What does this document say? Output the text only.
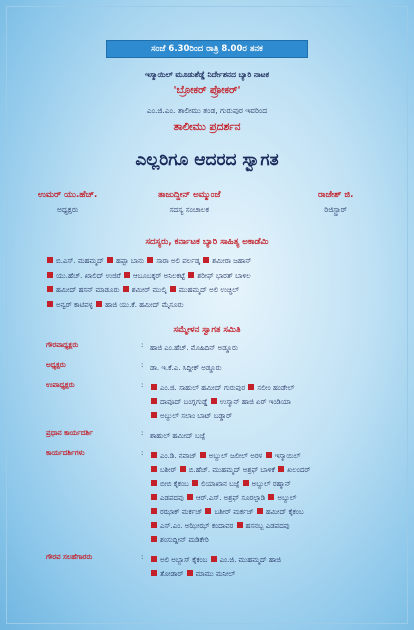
ಸಂಜೆ 6.30ರಿಂದ ರಾತ್ರಿ 8.00ರ ತನಕ
ಇಸ್ಮಾಯಿಲ್ ಮೂಡುಶೆಡ್ಡೆ ನಿರ್ದೇಶನದ ಬ್ಯಾರಿ ನಾಟಕ
'ಬ್ರೋಕರ್ ಪ್ರೋಕರ್'
ಎಂ.ಜಿ.ಎಂ. ತಾಲೀಮು ತಂಡ, ಗುರುಪುರ ಇವರಿಂದ
ತಾಲೀಮು ಪ್ರದರ್ಶನ
ಎಲ್ಲರಿಗೂ ಆದರದ ಸ್ವಾಗತ
ಉಮರ್ ಯು.ಹೆಚ್.
ಅಧ್ಯಕ್ಷರು
ತಾಜುದ್ದೀನ್ ಅಮ್ಮುಂಜೆ
ಸದಸ್ಯ ಸಂಚಾಲಕ
ರಾಜೇಶ್ ಜಿ.
ರಿಜಿಸ್ಟ್ರಾರ್
ಸದಸ್ಯರು, ಕರ್ನಾಟಕ ಬ್ಯಾರಿ ಸಾಹಿತ್ಯ ಅಕಾಡೆಮಿ
ಬಿ.ಎಸ್. ಮಹಮ್ಮದ್ ಹಫ್ಸಾ ಬಾನು ಸಾರಾ ಅಲಿ ಪರ್ಲಡ್ಕ ಶಮೀರಾ ಜಹಾನ್
ಯು.ಹೆಚ್. ಖಾಲಿದ್ ಉಜಿರೆ ಆಬೂಬಕ್ಕರ್ ಅನಿಲಕಟ್ಟೆ ಶರೀಫ್ ಭಾರತ್ ಬಾಳಿಲ
ಹಮೀದ್ ಹಸನ್ ಮಾಡೂರು ಶಮೀರ್ ಮುಲ್ಕಿ ಮುಹಮ್ಮದ್ ಅಲಿ ಉಚ್ಚಿಲ್
ಅನ್ವರ್ ಕಾಟಿಪಳ್ಳ ಹಾಜಿ ಯು.ಕೆ. ಹಮೀದ್ ಮೈಸೂರು
ಸಮ್ಮೇಳನ ಸ್ವಾಗತ ಸಮಿತಿ
ಗೌರವಾಧ್ಯಕ್ಷರು	: ಹಾಜಿ ಎಂ.ಹೆಚ್. ಮೊಹಿದಿನ್ ಅಡ್ಡೂರು
ಅಧ್ಯಕ್ಷರು	: ಡಾ. ಇ.ಕೆ.ಎ. ಸಿದ್ದೀಕ್ ಅಡ್ಡೂರು
ಉಪಾಧ್ಯಕ್ಷರು	:	ಎಂ.ಜಿ. ಸಾಹುಲ್ ಹಮೀದ್ ಗುರುಪುರ ಸಲೀಂ ಹಂಡೇಲ್
ದಾವೂದ್ ಬಂಗ್ಲಗುಡ್ಡೆ ಉಸ್ಮಾನ್ ಹಾಜಿ ಏರ್ ಇಂಡಿಯಾ
ಅಬ್ದುಲ್ ಸಲಾಂ ಬಾಟ್ ಬಡ್ಡಾರ್
ಪ್ರಧಾನ ಕಾರ್ಯದರ್ಶಿ	: ಶಾಹುಲ್ ಹಮೀದ್ ಬಜ್ಪೆ
ಕಾರ್ಯದರ್ಶಿಗಳು	:	ಎಂ.ಡಿ. ನವಾಜ್ ಅಬ್ದುಲ್ ಜಲೀಲ್ ಅರಳ ಇಸ್ಮಾಯಿಲ್
ಬಶೀರ್ ಬಿ.ಹೆಚ್. ಮುಹಮ್ಮದ್ ಅಶ್ರಫ್ ಬಾಳಿಕೆ ಖಲಂದರ್
ಬೀಬಿ ಕೈಕಂಬ ಲಿಯಾಖಾನ ಬಜ್ಪೆ ಅಬ್ದುಲ್ ರಹ್ಮಾನ್
ಎಡಪದವು ಆರ್.ಎಸ್. ಅಶ್ರಫ್ ಸೂರಲ್ಪಾಡಿ ಅಬ್ದುಲ್
ರಝಾಕ್ ಮರ್ಕಜ್ ಬಶೀರ್ ಮರ್ಕಜ್ ಹಮೀದ್ ಕೈಕಂಬ
ಎಸ್.ಎಂ. ಅಝೀಝ್ ಕಂದಾವರ ಹಸನಬ್ಬ ಎಡಪದವು
ಶಂಸುದ್ದೀನ್ ಮಡಿಕೇರಿ
ಗೌರವ ಸಲಹೆಗಾರರು	:	ಅಲಿ ಅಬ್ಬಾಸ್ ಕೈಕಂಬ ಎಂ.ಜಿ. ಮುಹಮ್ಮದ್ ಹಾಜಿ
ತೋಡಾರ್ ಮಾಮು ಮನೀಲ್
